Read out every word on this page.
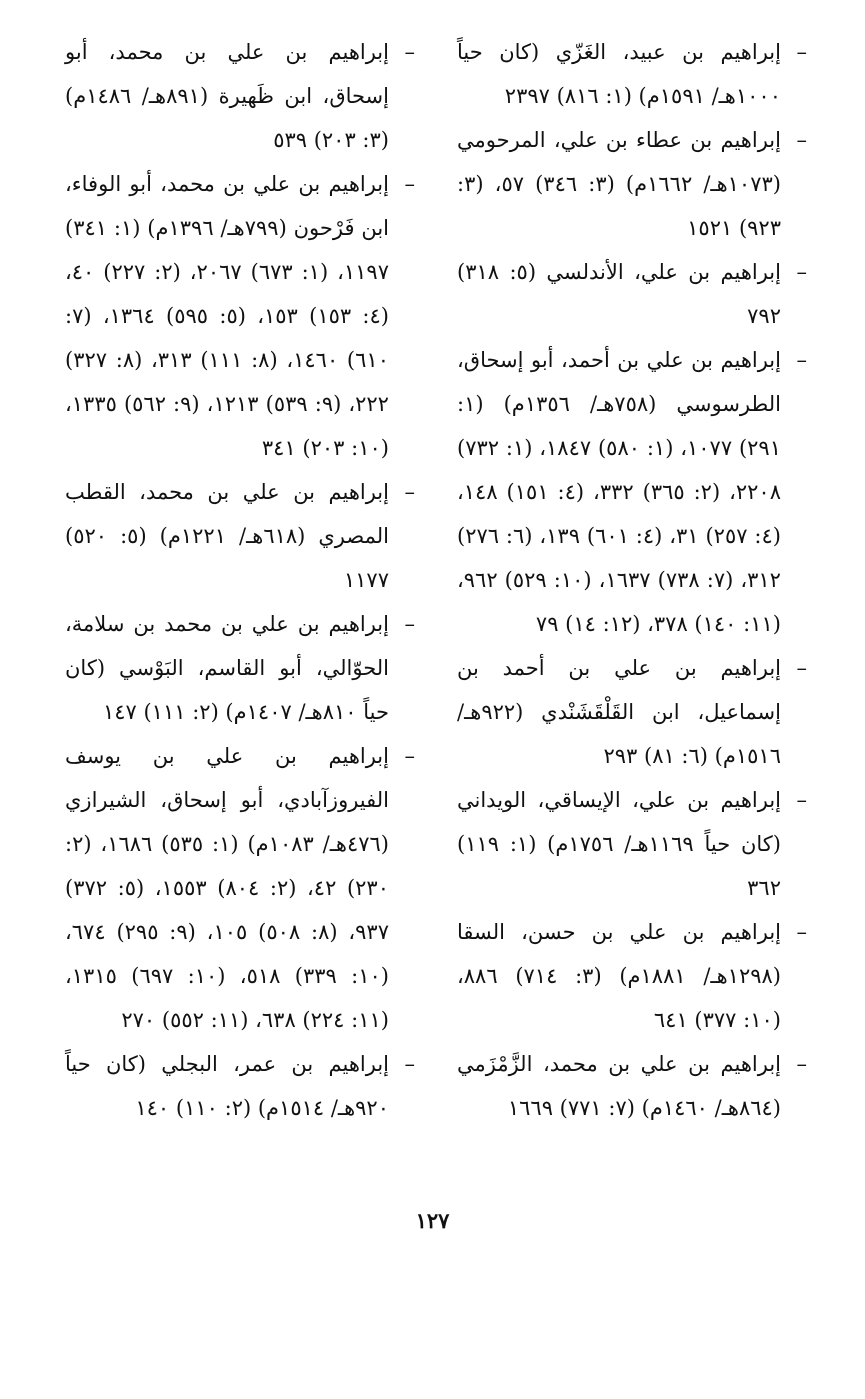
–
إبراهيم بن عبيد، الغَزّي (كان حياً ١٠٠٠هـ/ ١٥٩١م) (١: ٨١٦) ٢٣٩٧
–
إبراهيم بن عطاء بن علي، المرحومي (١٠٧٣هـ/ ١٦٦٢م) (٣: ٣٤٦) ٥٧، (٣: ٩٢٣) ١٥٢١
–
إبراهيم بن علي، الأندلسي (٥: ٣١٨) ٧٩٢
–
إبراهيم بن علي بن أحمد، أبو إسحاق، الطرسوسي (٧٥٨هـ/ ١٣٥٦م) (١: ٢٩١) ١٠٧٧، (١: ٥٨٠) ١٨٤٧، (١: ٧٣٢) ٢٢٠٨، (٢: ٣٦٥) ٣٣٢، (٤: ١٥١) ١٤٨، (٤: ٢٥٧) ٣١، (٤: ٦٠١) ١٣٩، (٦: ٢٧٦) ٣١٢، (٧: ٧٣٨) ١٦٣٧، (١٠: ٥٢٩) ٩٦٢، (١١: ١٤٠) ٣٧٨، (١٢: ١٤) ٧٩
–
إبراهيم بن علي بن أحمد بن إسماعيل، ابن القَلْقَشَنْدي (٩٢٢هـ/ ١٥١٦م) (٦: ٨١) ٢٩٣
–
إبراهيم بن علي، الإيساقي، الويداني (كان حياً ١١٦٩هـ/ ١٧٥٦م) (١: ١١٩) ٣٦٢
–
إبراهيم بن علي بن حسن، السقا (١٢٩٨هـ/ ١٨٨١م) (٣: ٧١٤) ٨٨٦، (١٠: ٣٧٧) ٦٤١
–
إبراهيم بن علي بن محمد، الزَّمْزَمي (٨٦٤هـ/ ١٤٦٠م) (٧: ٧٧١) ١٦٦٩
–
إبراهيم بن علي بن محمد، أبو إسحاق، ابن ظَهيرة (٨٩١هـ/ ١٤٨٦م) (٣: ٢٠٣) ٥٣٩
–
إبراهيم بن علي بن محمد، أبو الوفاء، ابن فَرْحون (٧٩٩هـ/ ١٣٩٦م) (١: ٣٤١) ١١٩٧، (١: ٦٧٣) ٢٠٦٧، (٢: ٢٢٧) ٤٠، (٤: ١٥٣) ١٥٣، (٥: ٥٩٥) ١٣٦٤، (٧: ٦١٠) ١٤٦٠، (٨: ١١١) ٣١٣، (٨: ٣٢٧) ٢٢٢، (٩: ٥٣٩) ١٢١٣، (٩: ٥٦٢) ١٣٣٥، (١٠: ٢٠٣) ٣٤١
–
إبراهيم بن علي بن محمد، القطب المصري (٦١٨هـ/ ١٢٢١م) (٥: ٥٢٠) ١١٧٧
–
إبراهيم بن علي بن محمد بن سلامة، الحوّالي، أبو القاسم، البَوْسي (كان حياً ٨١٠هـ/ ١٤٠٧م) (٢: ١١١) ١٤٧
–
إبراهيم بن علي بن يوسف الفيروزآبادي، أبو إسحاق، الشيرازي (٤٧٦هـ/ ١٠٨٣م) (١: ٥٣٥) ١٦٨٦، (٢: ٢٣٠) ٤٢، (٢: ٨٠٤) ١٥٥٣، (٥: ٣٧٢) ٩٣٧، (٨: ٥٠٨) ١٠٥، (٩: ٢٩٥) ٦٧٤، (١٠: ٣٣٩) ٥١٨، (١٠: ٦٩٧) ١٣١٥، (١١: ٢٢٤) ٦٣٨، (١١: ٥٥٢) ٢٧٠
–
إبراهيم بن عمر، البجلي (كان حياً ٩٢٠هـ/ ١٥١٤م) (٢: ١١٠) ١٤٠
١٢٧
